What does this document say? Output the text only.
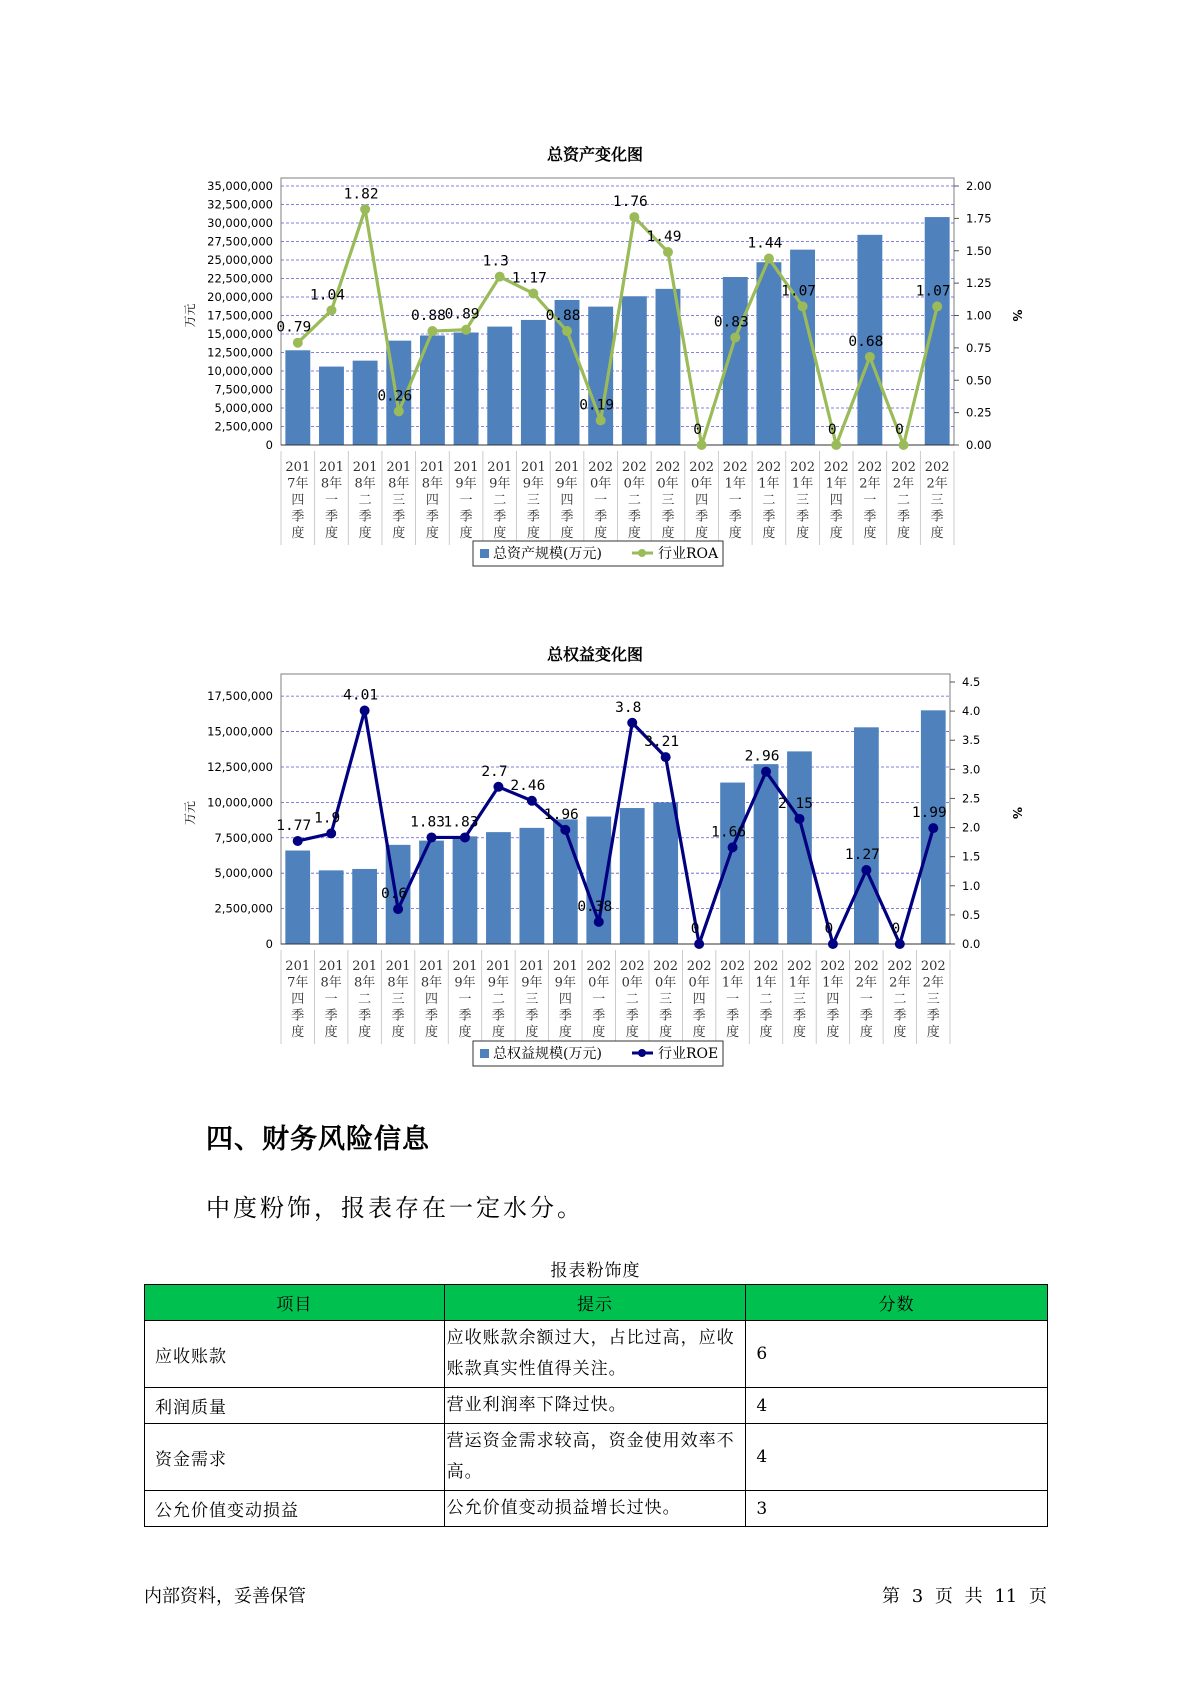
总资产变化图
0
2,500,000
5,000,000
7,500,000
10,000,000
12,500,000
15,000,000
17,500,000
20,000,000
22,500,000
25,000,000
27,500,000
30,000,000
32,500,000
35,000,000
0.00
0.25
0.50
0.75
1.00
1.25
1.50
1.75
2.00
万元	%
0.79
1.04
1.82
0.26
0.88
0.89
1.3
1.17
0.88
0.19
1.76
1.49
0
0.83
1.44
1.07
0
0.68
0
1.07
201
7年
四
季
度
201
8年
一
季
度
201
8年
二
季
度
201
8年
三
季
度
201
8年
四
季
度
201
9年
一
季
度
201
9年
二
季
度
201
9年
三
季
度
201
9年
四
季
度
202
0年
一
季
度
202
0年
二
季
度
202
0年
三
季
度
202
0年
四
季
度
202
1年
一
季
度
202
1年
二
季
度
202
1年
三
季
度
202
1年
四
季
度
202
2年
一
季
度
202
2年
二
季
度
202
2年
三
季
度
总资产规模(万元)	行业ROA
总权益变化图
0
2,500,000
5,000,000
7,500,000
10,000,000
12,500,000
15,000,000
17,500,000
0.0
0.5
1.0
1.5
2.0
2.5
3.0
3.5
4.0
4.5
万元	%
1.77 1.9
4.01
0.6
1.83
1.83
2.7
2.46
1.96
0.38
3.8
3.21
0
1.66
2.96
2.15
0
1.27
0
1.99
201
7年
四
季
度
201
8年
一
季
度
201
8年
二
季
度
201
8年
三
季
度
201
8年
四
季
度
201
9年
一
季
度
201
9年
二
季
度
201
9年
三
季
度
201
9年
四
季
度
202
0年
一
季
度
202
0年
二
季
度
202
0年
三
季
度
202
0年
四
季
度
202
1年
一
季
度
202
1年
二
季
度
202
1年
三
季
度
202
1年
四
季
度
202
2年
一
季
度
202
2年
二
季
度
202
2年
三
季
度
总权益规模(万元)	行业ROE
四、财务风险信息

中度粉饰，报表存在一定水分。

报表粉饰度
项目	提示	分数
应收账款	应收账款余额过大，占比过高，应收账款真实性值得关注。	6
利润质量	营业利润率下降过快。	4
资金需求	营运资金需求较高，资金使用效率不高。	4
公允价值变动损益	公允价值变动损益增长过快。	3
内部资料，妥善保管	第 3 页 共 11 页
